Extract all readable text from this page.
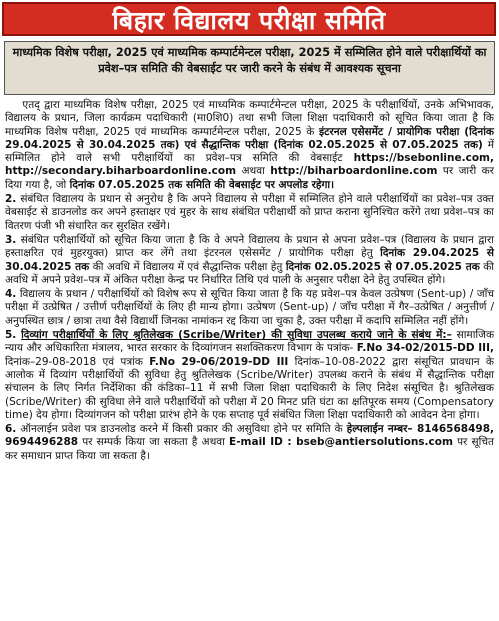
बिहार विद्यालय परीक्षा समिति
माध्यमिक विशेष परीक्षा, 2025 एवं माध्यमिक कम्पार्टमेन्टल परीक्षा, 2025 में सम्मिलित होने वाले परीक्षार्थियों का प्रवेश–पत्र समिति की वेबसाईट पर जारी करने के संबंध में आवश्यक सूचना

एतद् द्वारा माध्यमिक विशेष परीक्षा, 2025 एवं माध्यमिक कम्पार्टमेन्टल परीक्षा, 2025 के परीक्षार्थियों, उनके अभिभावक, विद्यालय के प्रधान, जिला कार्यक्रम पदाधिकारी (मा0शि0) तथा सभी जिला शिक्षा पदाधिकारी को सूचित किया जाता है कि माध्यमिक विशेष परीक्षा, 2025 एवं माध्यमिक कम्पार्टमेन्टल परीक्षा, 2025 के इंटरनल एसेसमेंट / प्रायोगिक परीक्षा (दिनांक 29.04.2025 से 30.04.2025 तक) एवं सैद्धान्तिक परीक्षा (दिनांक 02.05.2025 से 07.05.2025 तक) में सम्मिलित होने वाले सभी परीक्षार्थियों का प्रवेश–पत्र समिति की वेबसाईट https://bsebonline.com, http://secondary.biharboardonline.com अथवा http://biharboardonline.com पर जारी कर दिया गया है, जो दिनांक 07.05.2025 तक समिति की वेबसाईट पर अपलोड रहेगा।

2. संबंधित विद्यालय के प्रधान से अनुरोध है कि अपने विद्यालय से परीक्षा में सम्मिलित होने वाले परीक्षार्थियों का प्रवेश–पत्र उक्त वेबसाईट से डाउनलोड कर अपने हस्ताक्षर एवं मुहर के साथ संबंधित परीक्षार्थी को प्राप्त कराना सुनिश्चित करेंगे तथा प्रवेश–पत्र का वितरण पंजी भी संधारित कर सुरक्षित रखेंगे।

3. संबंधित परीक्षार्थियों को सूचित किया जाता है कि वे अपने विद्यालय के प्रधान से अपना प्रवेश–पत्र (विद्यालय के प्रधान द्वारा हस्ताक्षरित एवं मुहरयुक्त) प्राप्त कर लेंगे तथा इंटरनल एसेसमेंट / प्रायोगिक परीक्षा हेतु दिनांक 29.04.2025 से 30.04.2025 तक की अवधि में विद्यालय में एवं सैद्धान्तिक परीक्षा हेतु दिनांक 02.05.2025 से 07.05.2025 तक की अवधि में अपने प्रवेश–पत्र में अंकित परीक्षा केन्द्र पर निर्धारित तिथि एवं पाली के अनुसार परीक्षा देने हेतु उपस्थित होंगे।

4. विद्यालय के प्रधान / परीक्षार्थियों को विशेष रूप से सूचित किया जाता है कि यह प्रवेश–पत्र केवल उत्प्रेषण (Sent-up) / जाँच परीक्षा में उत्प्रेषित / उत्तीर्ण परीक्षार्थियों के लिए ही मान्य होगा। उत्प्रेषण (Sent-up) / जाँच परीक्षा में गैर–उत्प्रेषित / अनुत्तीर्ण / अनुपस्थित छात्र / छात्रा तथा वैसे विद्यार्थी जिनका नामांकन रद्द किया जा चुका है, उक्त परीक्षा में कदापि सम्मिलित नहीं होंगे।

5. दिव्यांग परीक्षार्थियों के लिए श्रुतिलेखक (Scribe/Writer) की सुविधा उपलब्ध कराये जाने के संबंध में:– सामाजिक न्याय और अधिकारिता मंत्रालय, भारत सरकार के दिव्यांगजन सशक्तिकरण विभाग के पत्रांक- F.No 34-02/2015-DD III, दिनांक–29-08-2018 एवं पत्रांक F.No 29-06/2019-DD III दिनांक–10-08-2022 द्वारा संसूचित प्रावधान के आलोक में दिव्यांग परीक्षार्थियों की सुविधा हेतु श्रुतिलेखक (Scribe/Writer) उपलब्ध कराने के संबंध में सैद्धान्तिक परीक्षा संचालन के लिए निर्गत निर्देशिका की कंडिका–11 में सभी जिला शिक्षा पदाधिकारी के लिए निदेश संसूचित है। श्रुतिलेखक (Scribe/Writer) की सुविधा लेने वाले परीक्षार्थियों को परीक्षा में 20 मिनट प्रति घंटा का क्षतिपूरक समय (Compensatory time) देय होगा। दिव्यांगजन को परीक्षा प्रारंभ होने के एक सप्ताह पूर्व संबंधित जिला शिक्षा पदाधिकारी को आवेदन देना होगा।

6. ऑनलाईन प्रवेश पत्र डाउनलोड करने में किसी प्रकार की असुविधा होने पर समिति के हेल्पलाईन नम्बर– 8146568498, 9694496288 पर सम्पर्क किया जा सकता है अथवा E-mail ID : bseb@antiersolutions.com पर सूचित कर समाधान प्राप्त किया जा सकता है।
